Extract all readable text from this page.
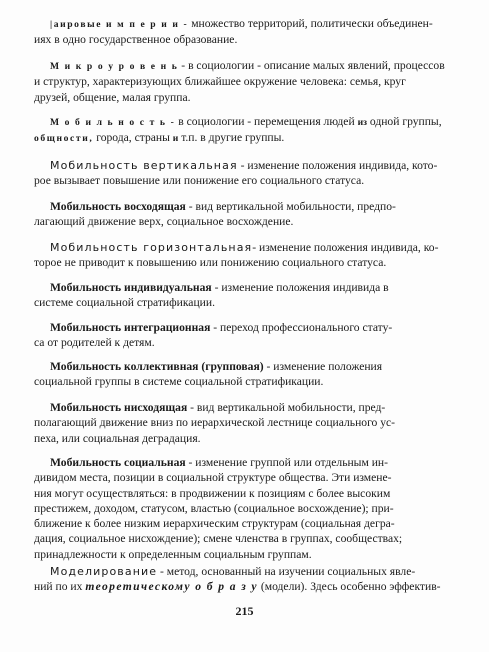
|аировые и м п е р и и - множество территорий, политически объединен-
иях в одно государственное образование.
М и к р о у р о в е н ь - в социологии - описание малых явлений, процессов
и структур, характеризующих ближайшее окружение человека: семья, круг
друзей, общение, малая группа.
М о б и л ь н о с т ь - в социологии - перемещения людей из одной группы,
общности, города, страны и т.п. в другие группы.
Мобильность вертикальная - изменение положения индивида, кото-
рое вызывает повышение или понижение его социального статуса.
Мобильность восходящая - вид вертикальной мобильности, предпо-
лагающий движение верх, социальное восхождение.
Мобильность горизонтальная- изменение положения индивида, ко-
торое не приводит к повышению или понижению социального статуса.
Мобильность индивидуальная - изменение положения индивида в
системе социальной стратификации.
Мобильность интеграционная - переход профессионального стату-
са от родителей к детям.
Мобильность коллективная (групповая) - изменение положения
социальной группы в системе социальной стратификации.
Мобильность нисходящая - вид вертикальной мобильности, пред-
полагающий движение вниз по иерархической лестнице социального ус-
пеха, или социальная деградация.
Мобильность социальная - изменение группой или отдельным ин-
дивидом места, позиции в социальной структуре общества. Эти измене-
ния могут осуществляться: в продвижении к позициям с более высоким
престижем, доходом, статусом, властью (социальное восхождение); при-
ближение к более низким иерархическим структурам (социальная дегра-
дация, социальное нисхождение); смене членства в группах, сообществах;
принадлежности к определенным социальным группам.
Моделирование - метод, основанный на изучении социальных явле-
ний по их теоретическому о б р а з у (модели). Здесь особенно эффектив-
215
